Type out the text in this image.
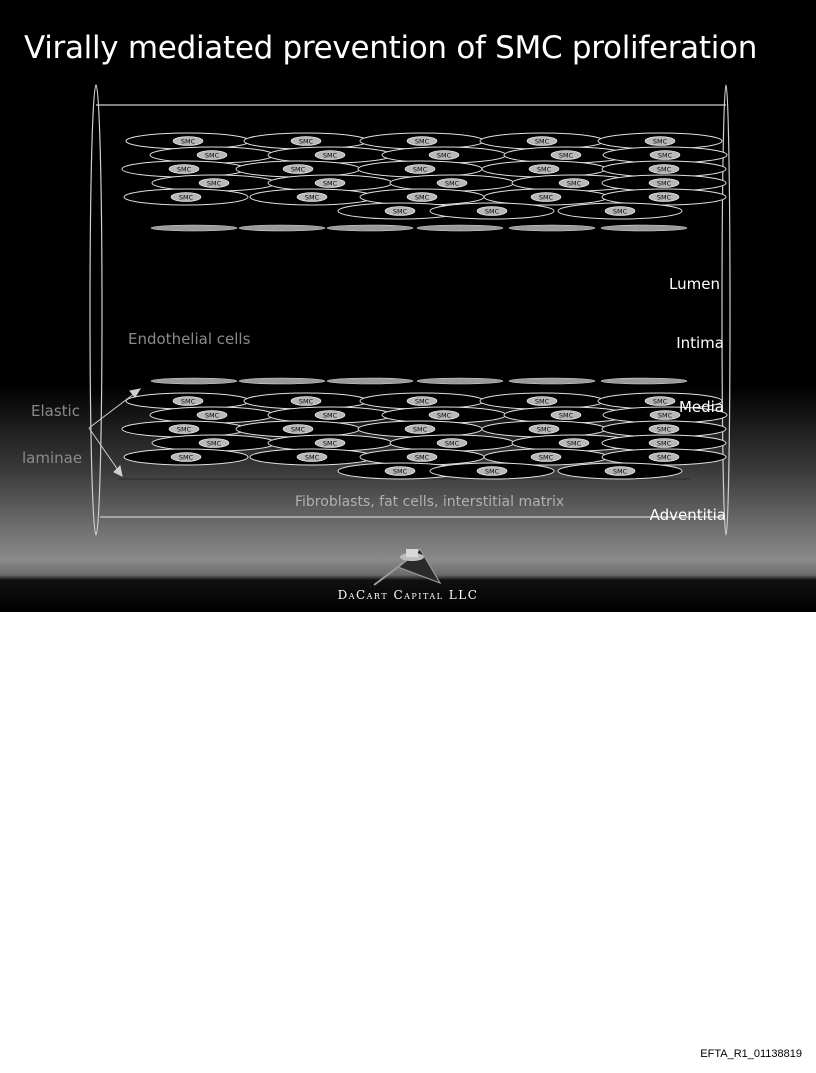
Virally mediated prevention of SMC proliferation
SMC	SMC	SMC	SMC	SMC
SMC	SMC	SMC	SMC	SMC
SMC	SMC	SMC	SMC	SMC
SMC	SMC	SMC	SMC	SMC
SMC	SMC	SMC	SMC	SMC
SMC	SMC	SMC
SMC	SMC	SMC	SMC	SMC
SMC	SMC	SMC	SMC	SMC
SMC	SMC	SMC	SMC	SMC
SMC	SMC	SMC	SMC	SMC
SMC	SMC	SMC	SMC	SMC
SMC	SMC	SMC
Lumen
Intima
Media
Adventitia
Endothelial cells
Elastic
laminae
Fibroblasts, fat cells, interstitial matrix
DaCart Capital LLC
EFTA_R1_01138819
